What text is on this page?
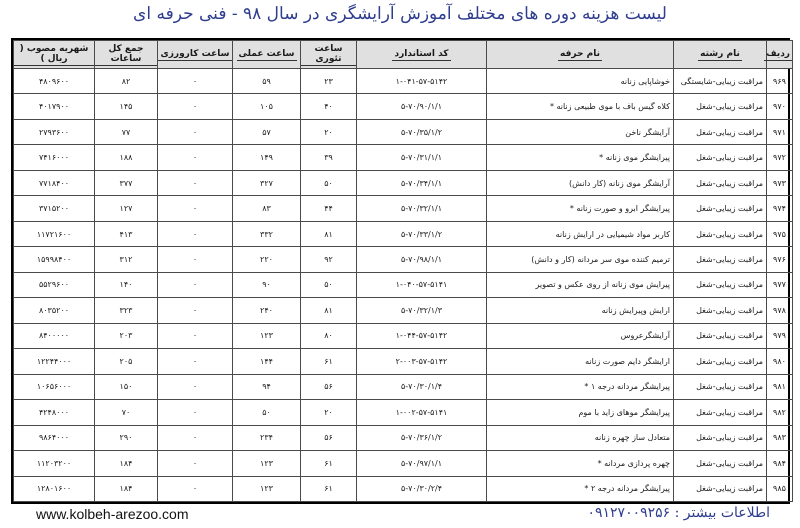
لیست هزینه دوره های مختلف آموزش آرایشگری در سال ۹۸ - فنی حرفه ای
ردیف	نام رشته	نام حرفه	کد استاندارد	ساعت تئوری	ساعت عملی	ساعت کارورزی	جمع کل ساعات	شهریه مصوب ( ریال )
۹۶۹	مراقبت زیبایی-شایستگی	خوشاپایی زنانه	۱-۰۴۱-۵۷-۵۱۴۲	۲۳	۵۹	۰	۸۲	۴۸۰۹۶۰۰
۹۷۰	مراقبت زیبایی-شغل	کلاه گیس باف با موی طبیعی زنانه *	۵-۷۰/۹۰/۱/۱	۴۰	۱۰۵	۰	۱۴۵	۴۰۱۷۹۰۰
۹۷۱	مراقبت زیبایی-شغل	آرایشگر ناخن	۵-۷۰/۳۵/۱/۲	۲۰	۵۷	۰	۷۷	۲۷۹۳۶۰۰
۹۷۲	مراقبت زیبایی-شغل	پیرایشگر موی زنانه *	۵-۷۰/۳۱/۱/۱	۳۹	۱۴۹	۰	۱۸۸	۷۴۱۶۰۰۰
۹۷۳	مراقبت زیبایی-شغل	آرایشگر موی زنانه (کار دانش)	۵-۷۰/۳۴/۱/۱	۵۰	۳۲۷	۰	۳۷۷	۷۷۱۸۴۰۰
۹۷۴	مراقبت زیبایی-شغل	پیرایشگر ابرو و صورت زنانه *	۵-۷۰/۳۲/۱/۱	۴۴	۸۳	۰	۱۲۷	۳۷۱۵۲۰۰
۹۷۵	مراقبت زیبایی-شغل	کاربر مواد شیمیایی در ارایش زنانه	۵-۷۰/۳۳/۱/۲	۸۱	۳۳۲	۰	۴۱۳	۱۱۷۲۱۶۰۰
۹۷۶	مراقبت زیبایی-شغل	ترمیم کننده موی سر مردانه (کار و دانش)	۵-۷۰/۹۸/۱/۱	۹۲	۲۲۰	۰	۳۱۲	۱۵۹۹۸۴۰۰
۹۷۷	مراقبت زیبایی-شغل	پیرایش موی زنانه از روی عکس و تصویر	۱-۰۴۰-۵۷-۵۱۴۱	۵۰	۹۰	۰	۱۴۰	۵۵۲۹۶۰۰
۹۷۸	مراقبت زیبایی-شغل	ارایش وپیرایش زنانه	۵-۷۰/۳۲/۱/۳	۸۱	۲۴۰	۰	۳۲۳	۸۰۳۵۲۰۰
۹۷۹	مراقبت زیبایی-شغل	آرایشگرعروس	۱-۰۴۴-۵۷-۵۱۴۲	۸۰	۱۲۳	۰	۲۰۳	۸۴۰۰۰۰۰
۹۸۰	مراقبت زیبایی-شغل	ارایشگر دایم صورت زنانه	۲-۰۰۳-۵۷-۵۱۴۲	۶۱	۱۴۴	۰	۲۰۵	۱۲۲۴۴۰۰۰
۹۸۱	مراقبت زیبایی-شغل	پیرایشگر مردانه درجه ۱ *	۵-۷۰/۳۰/۱/۴	۵۶	۹۴	۰	۱۵۰	۱۰۶۵۶۰۰۰
۹۸۲	مراقبت زیبایی-شغل	پیرایشگر موهای زاید با موم	۱-۰۰۲-۵۷-۵۱۴۱	۲۰	۵۰	۰	۷۰	۴۲۴۸۰۰۰
۹۸۳	مراقبت زیبایی-شغل	متعادل ساز چهره زنانه	۵-۷۰/۳۶/۱/۲	۵۶	۲۳۴	۰	۲۹۰	۹۸۶۴۰۰۰
۹۸۴	مراقبت زیبایی-شغل	چهره پردازی مردانه *	۵-۷۰/۹۷/۱/۱	۶۱	۱۲۳	۰	۱۸۴	۱۱۲۰۳۲۰۰
۹۸۵	مراقبت زیبایی-شغل	پیرایشگر مردانه درجه ۲ *	۵-۷۰/۳۰/۲/۴	۶۱	۱۲۳	۰	۱۸۴	۱۲۸۰۱۶۰۰
www.kolbeh-arezoo.com	اطلاعات بیشتر : ۰۹۱۲۷۰۰۹۲۵۶
